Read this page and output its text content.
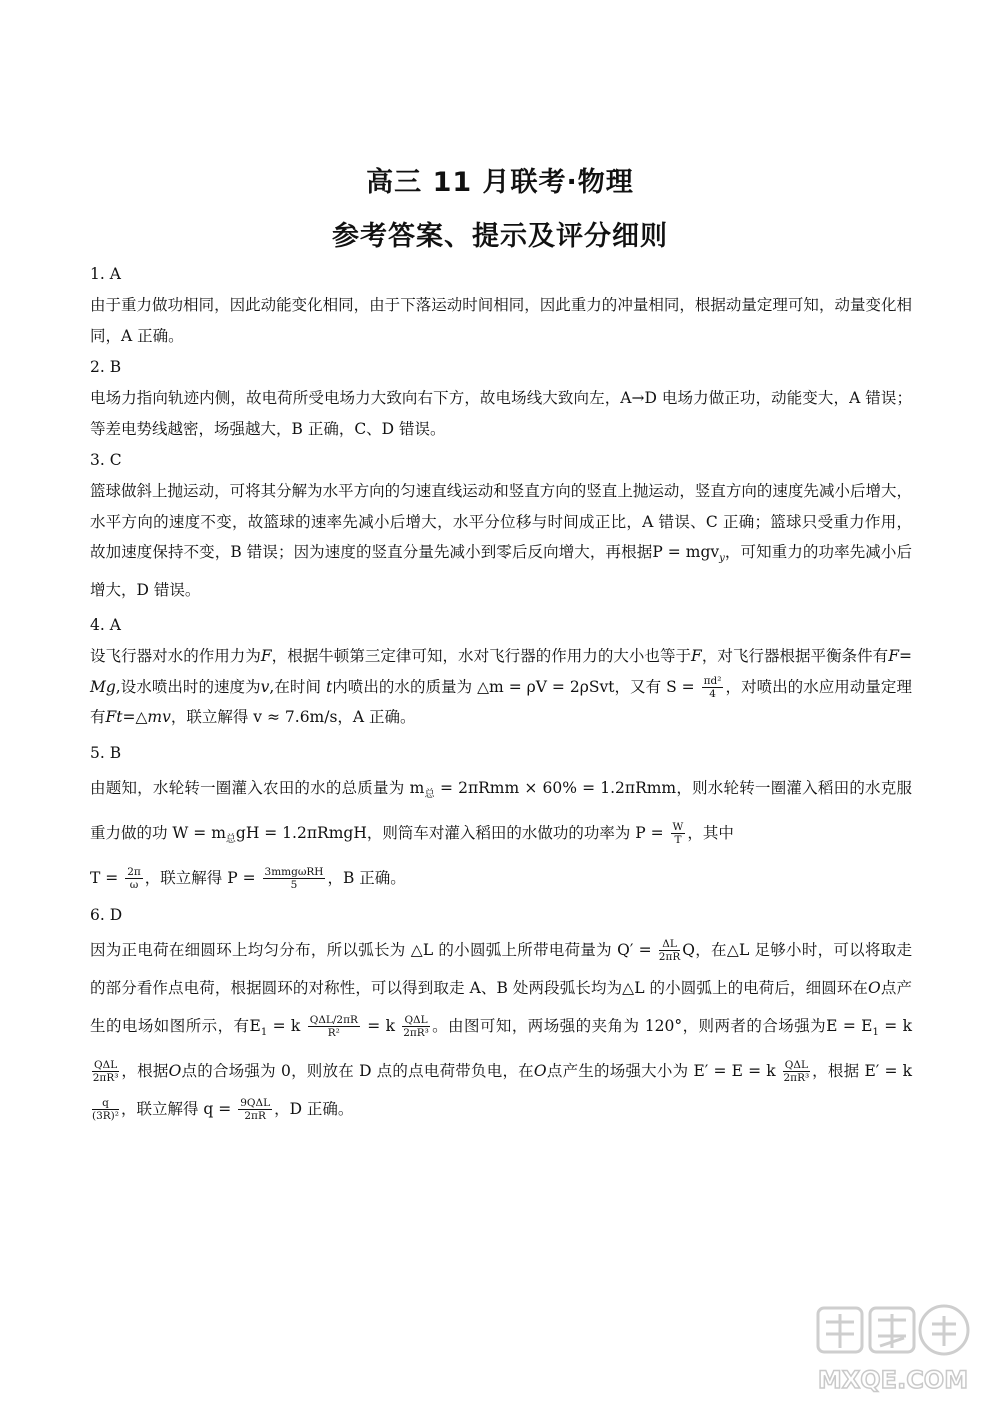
高三 11 月联考·物理
参考答案、提示及评分细则
1. A
由于重力做功相同，因此动能变化相同，由于下落运动时间相同，因此重力的冲量相同，根据动量定理可知，动量变化相同，A 正确。
2. B
电场力指向轨迹内侧，故电荷所受电场力大致向右下方，故电场线大致向左，A→D 电场力做正功，动能变大，A 错误；等差电势线越密，场强越大，B 正确，C、D 错误。
3. C
篮球做斜上抛运动，可将其分解为水平方向的匀速直线运动和竖直方向的竖直上抛运动，竖直方向的速度先减小后增大，水平方向的速度不变，故篮球的速率先减小后增大，水平分位移与时间成正比，A 错误、C 正确；篮球只受重力作用，故加速度保持不变，B 错误；因为速度的竖直分量先减小到零后反向增大，再根据P = mgv$_y$，可知重力的功率先减小后增大，D 错误。
4. A
设飞行器对水的作用力为F，根据牛顿第三定律可知，水对飞行器的作用力的大小也等于F，对飞行器根据平衡条件有F=Mg,设水喷出时的速度为v,在时间 t内喷出的水的质量为 △m = ρV = 2ρSvt，又有 $S = \frac{\text{πd²}}{4}$ ，对喷出的水应用动量定理有Ft=△mv，联立解得 v ≈ 7.6m/s，A 正确。
5. B
由题知，水轮转一圈灌入农田的水的总质量为 $m_总 = 2\pi Rmm \times 60\% = 1.2\pi Rmm$，则水轮转一圈灌入稻田的水克服重力做的功 $W = m_总gH$ = 1.2πRmgH，则筒车对灌入稻田的水做功的功率为 $P = \frac{W}{T}$ ，其中
$T = \frac{2\pi}{\omega}$ ，联立解得 $P = \frac{\text{3mmgωRH}}{5}$ ，B 正确。
6. D
因为正电荷在细圆环上均匀分布，所以弧长为 △L 的小圆弧上所带电荷量为 $Q' = \frac{\Delta L}{2\pi R}$ Q，在△L 足够小时，可以将取走的部分看作点电荷，根据圆环的对称性，可以得到取走 A、B 处两段弧长均为△L 的小圆弧上的电荷后，细圆环在O点产生的电场如图所示，有$E_1 = k \frac{\text{QΔL/2πR}}{\text{R²}} = k \frac{\text{QΔL}}{\text{2πR³}}$ 。由图可知，两场强的夹角为 120°，则两者的合场强为$E = E_1 = k$
$\frac{\text{QΔL}}{\text{2πR³}}$ ，根据O点的合场强为 0，则放在 D 点的点电荷带负电，在O点产生的场强大小为 E′ = E = k $\frac{\text{QΔL}}{\text{2πR³}}$ ，根据 E′ = k
$\frac{q}{\text{(3R)²}}$ ，联立解得 $q = \frac{\text{9QΔL}}{2\pi R}$ ，D 正确。
MXQE.COM
